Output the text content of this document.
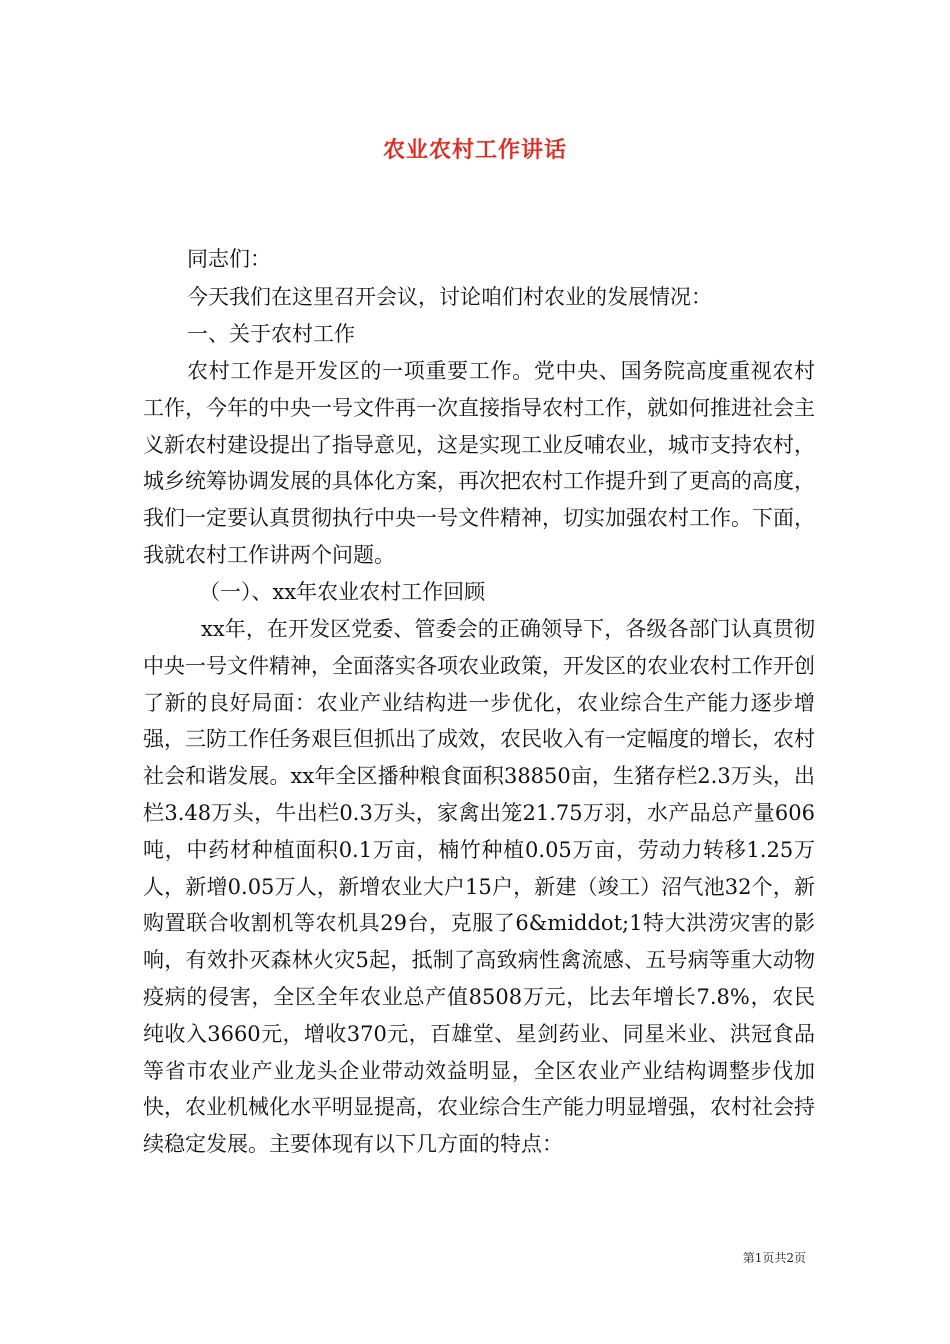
农业农村工作讲话

同志们：

今天我们在这里召开会议，讨论咱们村农业的发展情况：

一、关于农村工作

农村工作是开发区的一项重要工作。党中央、国务院高度重视农村工作，今年的中央一号文件再一次直接指导农村工作，就如何推进社会主义新农村建设提出了指导意见，这是实现工业反哺农业，城市支持农村，城乡统筹协调发展的具体化方案，再次把农村工作提升到了更高的高度，我们一定要认真贯彻执行中央一号文件精神，切实加强农村工作。下面，我就农村工作讲两个问题。

（一）、xx年农业农村工作回顾

xx年，在开发区党委、管委会的正确领导下，各级各部门认真贯彻中央一号文件精神，全面落实各项农业政策，开发区的农业农村工作开创了新的良好局面：农业产业结构进一步优化，农业综合生产能力逐步增强，三防工作任务艰巨但抓出了成效，农民收入有一定幅度的增长，农村社会和谐发展。xx年全区播种粮食面积38850亩，生猪存栏2.3万头，出栏3.48万头，牛出栏0.3万头，家禽出笼21.75万羽，水产品总产量606吨，中药材种植面积0.1万亩，楠竹种植0.05万亩，劳动力转移1.25万人，新增0.05万人，新增农业大户15户，新建（竣工）沼气池32个，新购置联合收割机等农机具29台，克服了6&middot;1特大洪涝灾害的影响，有效扑灭森林火灾5起，抵制了高致病性禽流感、五号病等重大动物疫病的侵害，全区全年农业总产值8508万元，比去年增长7.8%，农民纯收入3660元，增收370元，百雄堂、星剑药业、同星米业、洪冠食品等省市农业产业龙头企业带动效益明显，全区农业产业结构调整步伐加快，农业机械化水平明显提高，农业综合生产能力明显增强，农村社会持续稳定发展。主要体现有以下几方面的特点：

第1页共2页
